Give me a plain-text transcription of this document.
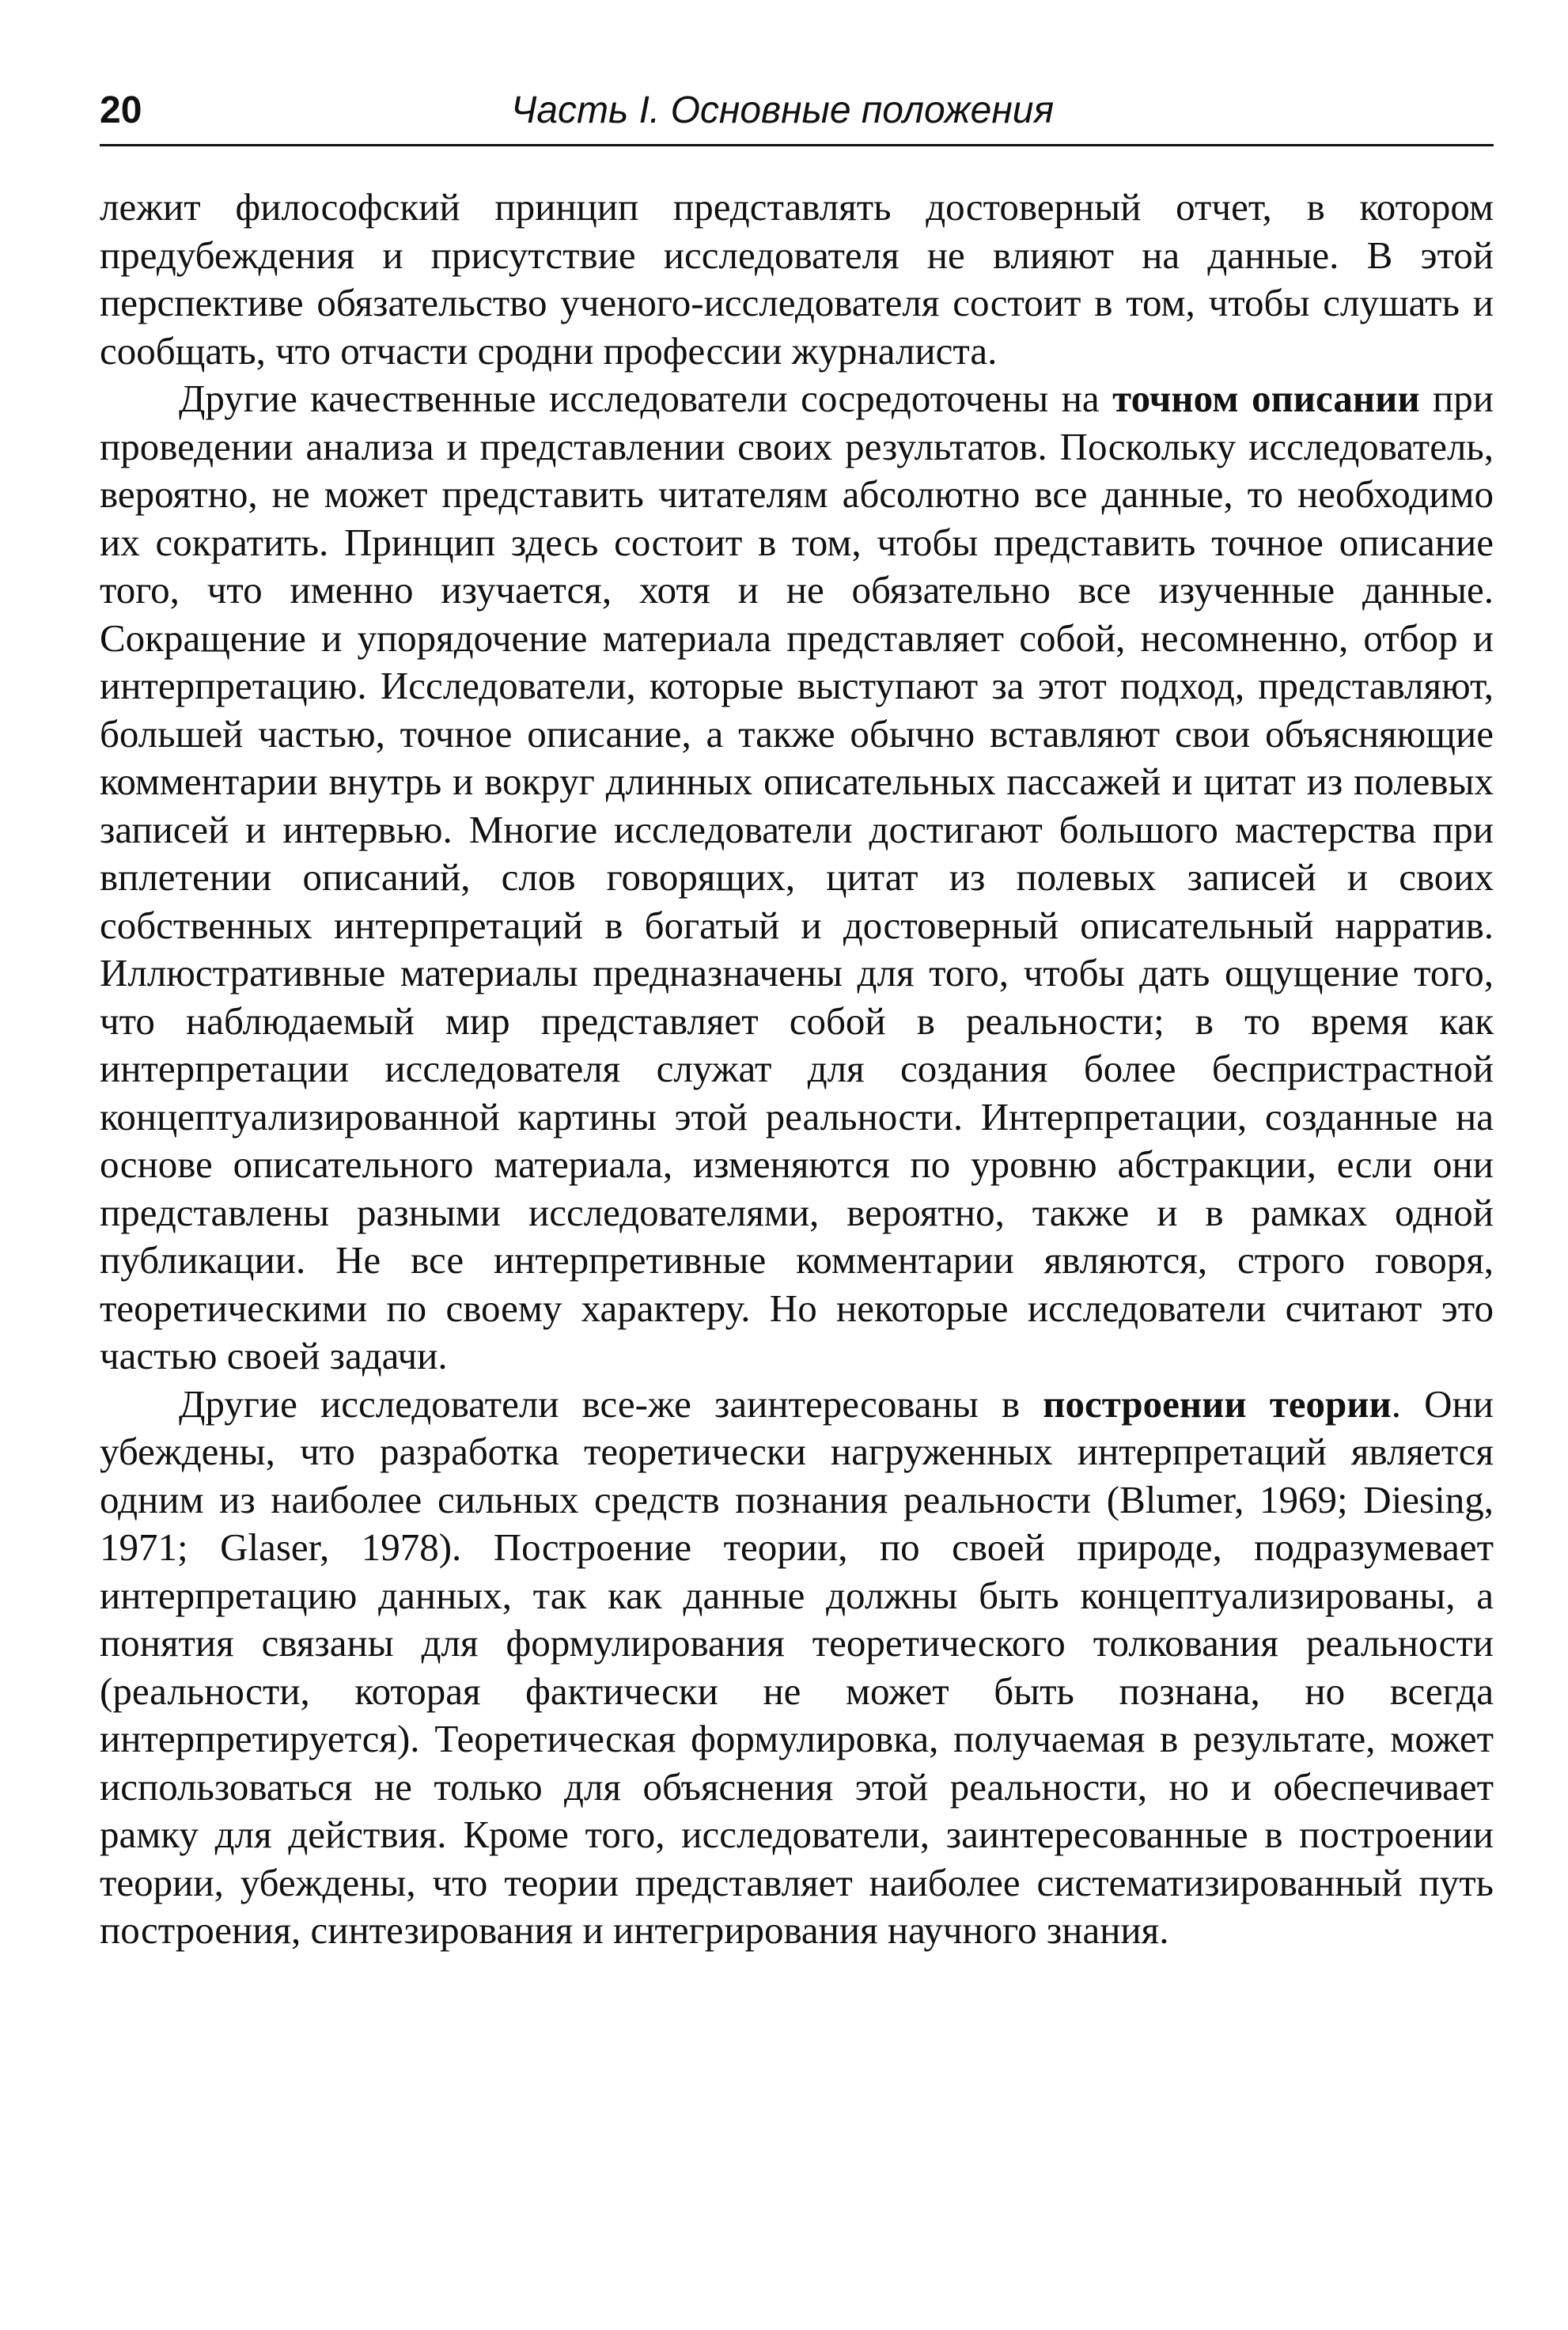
20	Часть I. Основные положения

лежит философский принцип представлять достоверный отчет, в котором предубеждения и присутствие исследователя не влияют на данные. В этой перспективе обязательство ученого-исследователя состоит в том, чтобы слушать и сообщать, что отчасти сродни профессии журналиста.

Другие качественные исследователи сосредоточены на точном описании при проведении анализа и представлении своих результатов. Поскольку исследователь, вероятно, не может представить читателям абсолютно все данные, то необходимо их сократить. Принцип здесь состоит в том, чтобы представить точное описание того, что именно изучается, хотя и не обязательно все изученные данные. Сокращение и упорядочение материала представляет собой, несомненно, отбор и интерпретацию. Исследователи, которые выступают за этот подход, представляют, большей частью, точное описание, а также обычно вставляют свои объясняющие комментарии внутрь и вокруг длинных описательных пассажей и цитат из полевых записей и интервью. Многие исследователи достигают большого мастерства при вплетении описаний, слов говорящих, цитат из полевых записей и своих собственных интерпретаций в богатый и достоверный описательный нарратив. Иллюстративные материалы предназначены для того, чтобы дать ощущение того, что наблюдаемый мир представляет собой в реальности; в то время как интерпретации исследователя служат для создания более беспристрастной концептуализированной картины этой реальности. Интерпретации, созданные на основе описательного материала, изменяются по уровню абстракции, если они представлены разными исследователями, вероятно, также и в рамках одной публикации. Не все интерпретивные комментарии являются, строго говоря, теоретическими по своему характеру. Но некоторые исследователи считают это частью своей задачи.

Другие исследователи все-же заинтересованы в построении теории. Они убеждены, что разработка теоретически нагруженных интерпретаций является одним из наиболее сильных средств познания реальности (Blumer, 1969; Diesing, 1971; Glaser, 1978). Построение теории, по своей природе, подразумевает интерпретацию данных, так как данные должны быть концептуализированы, а понятия связаны для формулирования теоретического толкования реальности (реальности, которая фактически не может быть познана, но всегда интерпретируется). Теоретическая формулировка, получаемая в результате, может использоваться не только для объяснения этой реальности, но и обеспечивает рамку для действия. Кроме того, исследователи, заинтересованные в построении теории, убеждены, что теории представляет наиболее систематизированный путь построения, синтезирования и интегрирования научного знания.
